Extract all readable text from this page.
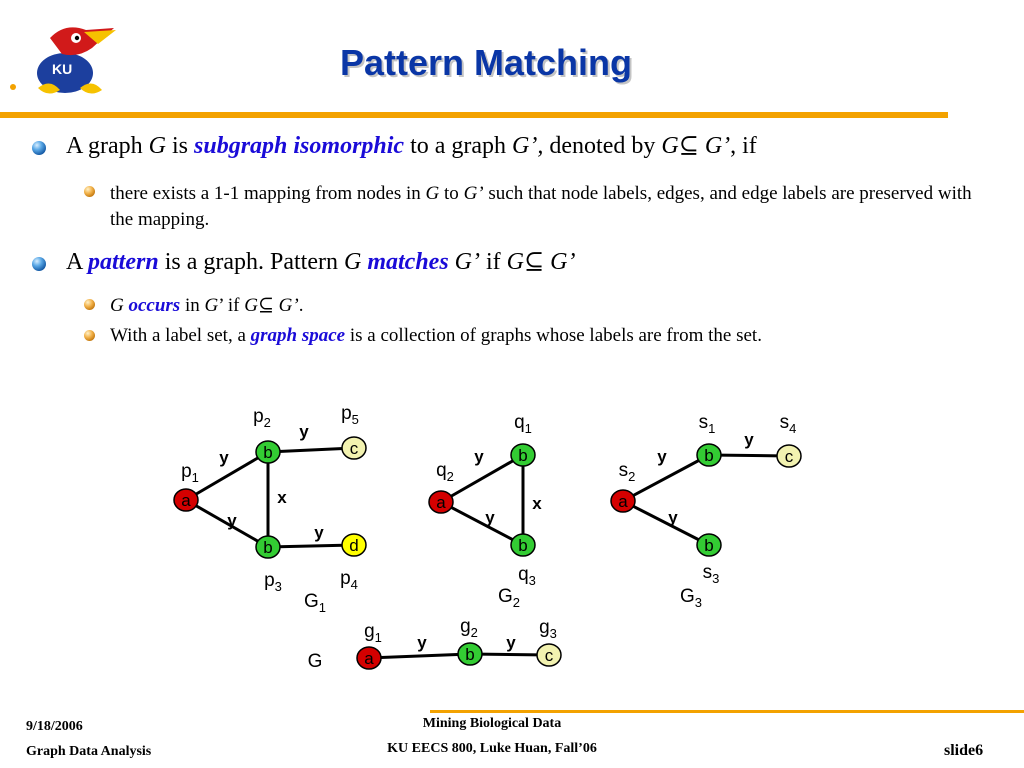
KU	Pattern Matching
A graph G is subgraph isomorphic to a graph G’, denoted by G⊆ G’, if
there exists a 1-1 mapping from nodes in G to G’ such that node labels, edges, and edge labels are preserved with the mapping.
A pattern is a graph. Pattern G matches G’ if G⊆ G’
G occurs in G’ if G⊆ G’.
With a label set, a graph space is a collection of graphs whose labels are from the set.
a
b
b	d
c	b
a
b
b
a
b
c
a	b	c
y
y
x
y
y
y
y
x
y
y
y
y	y
$p_1$
$p_2$
$p_3$	$p_4$
$p_5$	$q_1$
$q_2$
$q_3$
$s_1$
$s_2$
$s_3$
$s_4$
$g_1$
$g_2$	$g_3$
$G_1$
$G_2$	$G_3$
G
9/18/2006
Graph Data Analysis
Mining Biological Data
KU EECS 800, Luke Huan, Fall’06	slide6
